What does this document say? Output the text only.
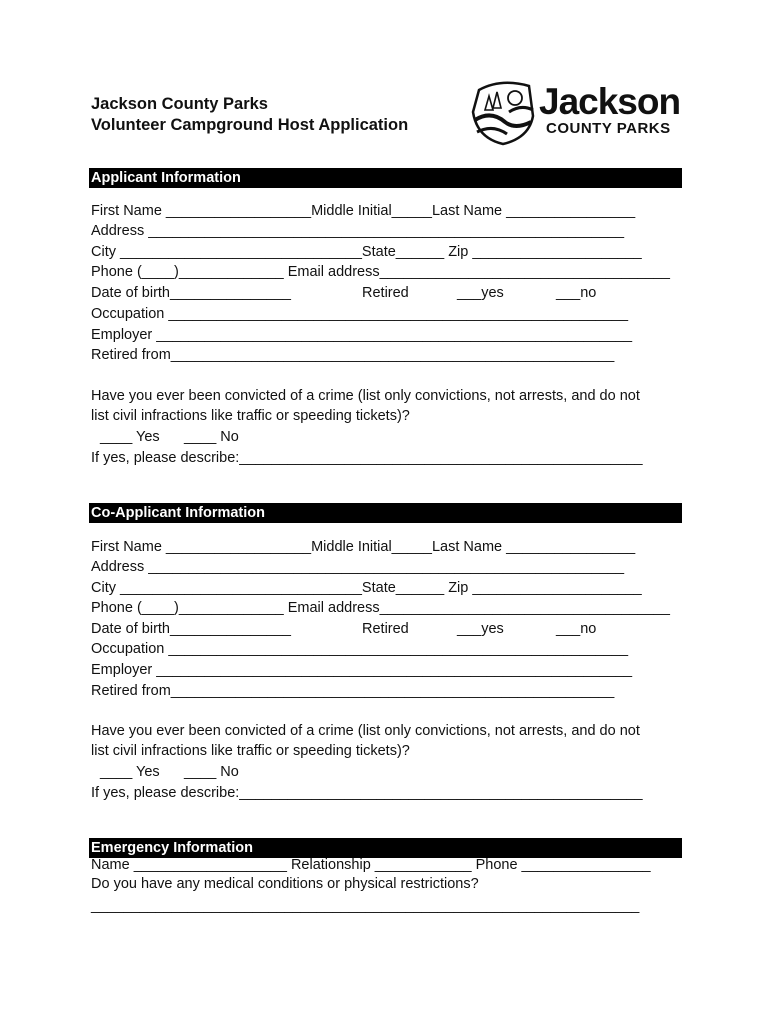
Jackson County Parks
Volunteer Campground Host Application
Jackson
COUNTY PARKS
Applicant Information
First Name __________________Middle Initial_____Last Name ________________
Address ___________________________________________________________
City ______________________________State______ Zip _____________________
Phone (____)_____________ Email address____________________________________
Date of birth_______________	Retired	___yes	___no
Occupation _________________________________________________________
Employer ___________________________________________________________
Retired from_______________________________________________________
Have you ever been convicted of a crime (list only convictions, not arrests, and do not
list civil infractions like traffic or speeding tickets)?
____ Yes ____ No
If yes, please describe:__________________________________________________
Co-Applicant Information
First Name __________________Middle Initial_____Last Name ________________
Address ___________________________________________________________
City ______________________________State______ Zip _____________________
Phone (____)_____________ Email address____________________________________
Date of birth_______________	Retired	___yes	___no
Occupation _________________________________________________________
Employer ___________________________________________________________
Retired from_______________________________________________________
Have you ever been convicted of a crime (list only convictions, not arrests, and do not
list civil infractions like traffic or speeding tickets)?
____ Yes ____ No
If yes, please describe:__________________________________________________
Emergency Information
Name ___________________ Relationship ____________ Phone ________________
Do you have any medical conditions or physical restrictions?
____________________________________________________________________
